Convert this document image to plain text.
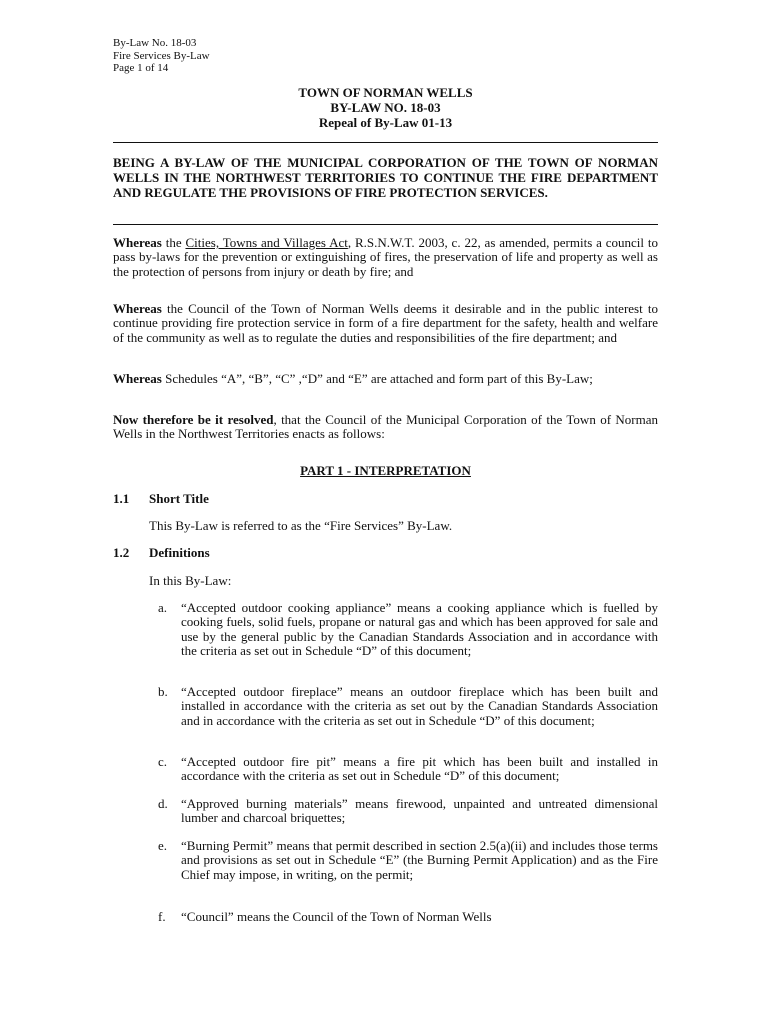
By-Law No. 18-03
Fire Services By-Law
Page 1 of 14
TOWN OF NORMAN WELLS
BY-LAW NO. 18-03
Repeal of By-Law 01-13

BEING A BY-LAW OF THE MUNICIPAL CORPORATION OF THE TOWN OF NORMAN WELLS IN THE NORTHWEST TERRITORIES TO CONTINUE THE FIRE DEPARTMENT AND REGULATE THE PROVISIONS OF FIRE PROTECTION SERVICES.

Whereas the Cities, Towns and Villages Act, R.S.N.W.T. 2003, c. 22, as amended, permits a council to pass by-laws for the prevention or extinguishing of fires, the preservation of life and property as well as the protection of persons from injury or death by fire; and

Whereas the Council of the Town of Norman Wells deems it desirable and in the public interest to continue providing fire protection service in form of a fire department for the safety, health and welfare of the community as well as to regulate the duties and responsibilities of the fire department; and

Whereas Schedules “A”, “B”, “C” ,“D” and “E” are attached and form part of this By-Law;

Now therefore be it resolved, that the Council of the Municipal Corporation of the Town of Norman Wells in the Northwest Territories enacts as follows:

PART 1 - INTERPRETATION
1.1 Short Title
This By-Law is referred to as the “Fire Services” By-Law.
1.2 Definitions
In this By-Law:
a. “Accepted outdoor cooking appliance” means a cooking appliance which is fuelled by cooking fuels, solid fuels, propane or natural gas and which has been approved for sale and use by the general public by the Canadian Standards Association and in accordance with the criteria as set out in Schedule “D” of this document;
b. “Accepted outdoor fireplace” means an outdoor fireplace which has been built and installed in accordance with the criteria as set out by the Canadian Standards Association and in accordance with the criteria as set out in Schedule “D” of this document;
c. “Accepted outdoor fire pit” means a fire pit which has been built and installed in accordance with the criteria as set out in Schedule “D” of this document;
d. “Approved burning materials” means firewood, unpainted and untreated dimensional lumber and charcoal briquettes;
e. “Burning Permit” means that permit described in section 2.5(a)(ii) and includes those terms and provisions as set out in Schedule “E” (the Burning Permit Application) and as the Fire Chief may impose, in writing, on the permit;
f. “Council” means the Council of the Town of Norman Wells
